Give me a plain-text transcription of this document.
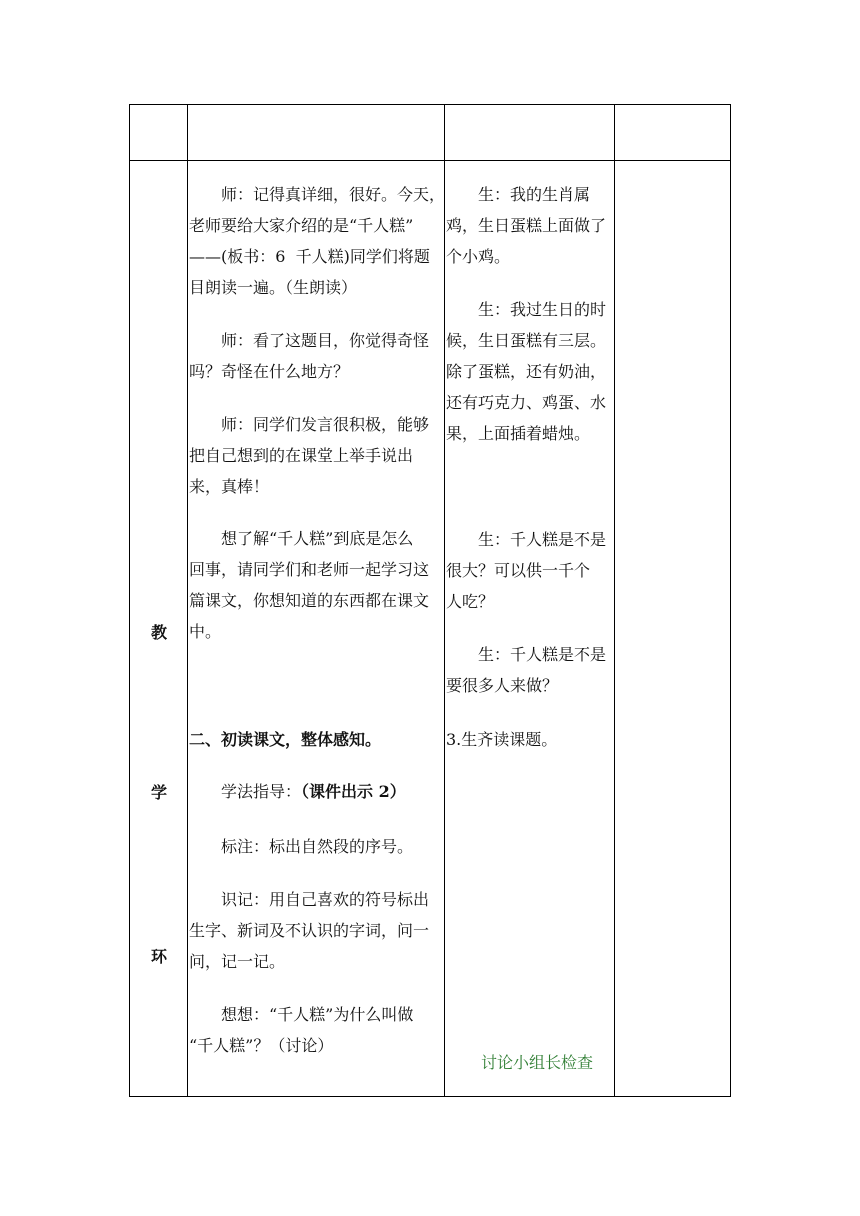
教
学
环

师：记得真详细，很好。今天，

老师要给大家介绍的是“千人糕”

——(板书：6  千人糕)同学们将题

目朗读一遍。（生朗读）

师：看了这题目，你觉得奇怪

吗？奇怪在什么地方？

师：同学们发言很积极，能够

把自己想到的在课堂上举手说出

来，真棒！

想了解“千人糕”到底是怎么

回事，请同学们和老师一起学习这

篇课文，你想知道的东西都在课文

中。

二、初读课文，整体感知。
学法指导：（课件出示 2）
标注：标出自然段的序号。

识记：用自己喜欢的符号标出

生字、新词及不认识的字词，问一

问，记一记。

想想：“千人糕”为什么叫做

“千人糕”？（讨论）

生：我的生肖属

鸡，生日蛋糕上面做了

个小鸡。

生：我过生日的时

候，生日蛋糕有三层。

除了蛋糕，还有奶油，

还有巧克力、鸡蛋、水

果，上面插着蜡烛。

生：千人糕是不是

很大？可以供一千个

人吃？

生：千人糕是不是

要很多人来做？

3.生齐读课题。
讨论小组长检查
